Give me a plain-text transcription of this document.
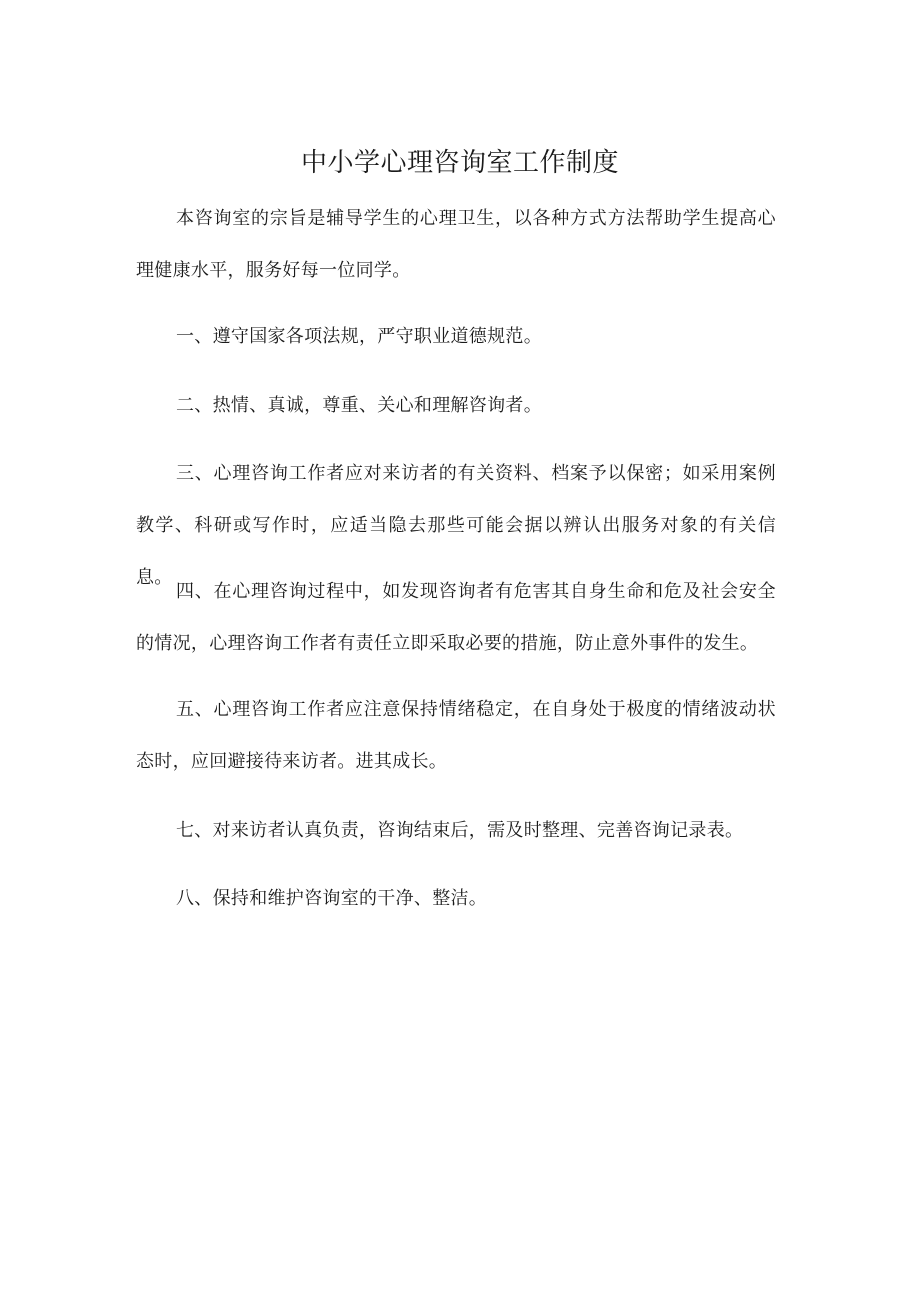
中小学心理咨询室工作制度

本咨询室的宗旨是辅导学生的心理卫生，以各种方式方法帮助学生提高心理健康水平，服务好每一位同学。

一、遵守国家各项法规，严守职业道德规范。

二、热情、真诚，尊重、关心和理解咨询者。

三、心理咨询工作者应对来访者的有关资料、档案予以保密；如采用案例教学、科研或写作时，应适当隐去那些可能会据以辨认出服务对象的有关信息。

四、在心理咨询过程中，如发现咨询者有危害其自身生命和危及社会安全的情况，心理咨询工作者有责任立即采取必要的措施，防止意外事件的发生。

五、心理咨询工作者应注意保持情绪稳定，在自身处于极度的情绪波动状态时，应回避接待来访者。进其成长。

七、对来访者认真负责，咨询结束后，需及时整理、完善咨询记录表。

八、保持和维护咨询室的干净、整洁。
